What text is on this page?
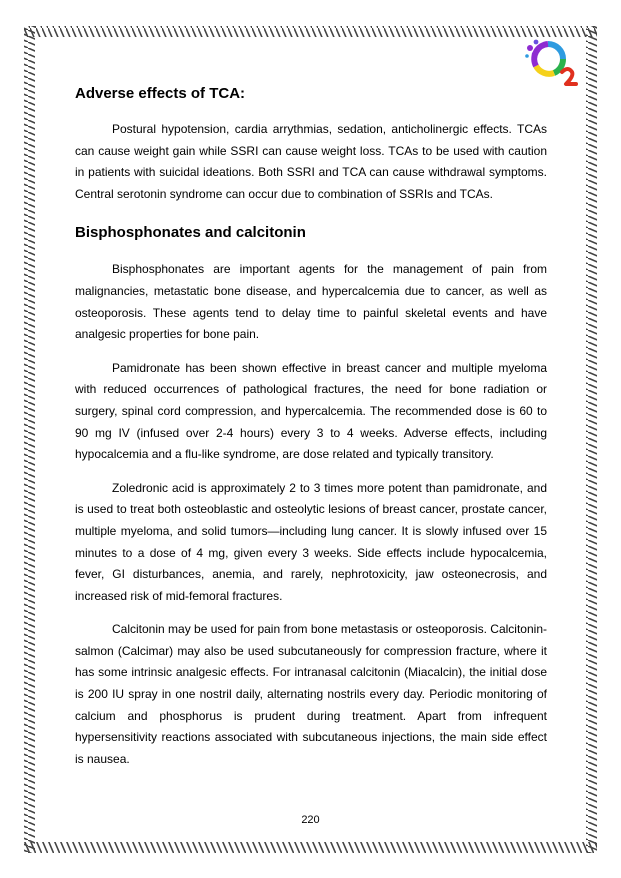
Adverse effects of TCA:

Postural hypotension, cardia arrythmias, sedation, anticholinergic effects. TCAs can cause weight gain while SSRI can cause weight loss. TCAs to be used with caution in patients with suicidal ideations. Both SSRI and TCA can cause withdrawal symptoms. Central serotonin syndrome can occur due to combination of SSRIs and TCAs.

Bisphosphonates and calcitonin

Bisphosphonates are important agents for the management of pain from malignancies, metastatic bone disease, and hypercalcemia due to cancer, as well as osteoporosis. These agents tend to delay time to painful skeletal events and have analgesic properties for bone pain.

Pamidronate has been shown effective in breast cancer and multiple myeloma with reduced occurrences of pathological fractures, the need for bone radiation or surgery, spinal cord compression, and hypercalcemia. The recommended dose is 60 to 90 mg IV (infused over 2-4 hours) every 3 to 4 weeks. Adverse effects, including hypocalcemia and a flu-like syndrome, are dose related and typically transitory.

Zoledronic acid is approximately 2 to 3 times more potent than pamidronate, and is used to treat both osteoblastic and osteolytic lesions of breast cancer, prostate cancer, multiple myeloma, and solid tumors—including lung cancer. It is slowly infused over 15 minutes to a dose of 4 mg, given every 3 weeks. Side effects include hypocalcemia, fever, GI disturbances, anemia, and rarely, nephrotoxicity, jaw osteonecrosis, and increased risk of mid-femoral fractures.

Calcitonin may be used for pain from bone metastasis or osteoporosis. Calcitonin-salmon (Calcimar) may also be used subcutaneously for compression fracture, where it has some intrinsic analgesic effects. For intranasal calcitonin (Miacalcin), the initial dose is 200 IU spray in one nostril daily, alternating nostrils every day. Periodic monitoring of calcium and phosphorus is prudent during treatment. Apart from infrequent hypersensitivity reactions associated with subcutaneous injections, the main side effect is nausea.

220
